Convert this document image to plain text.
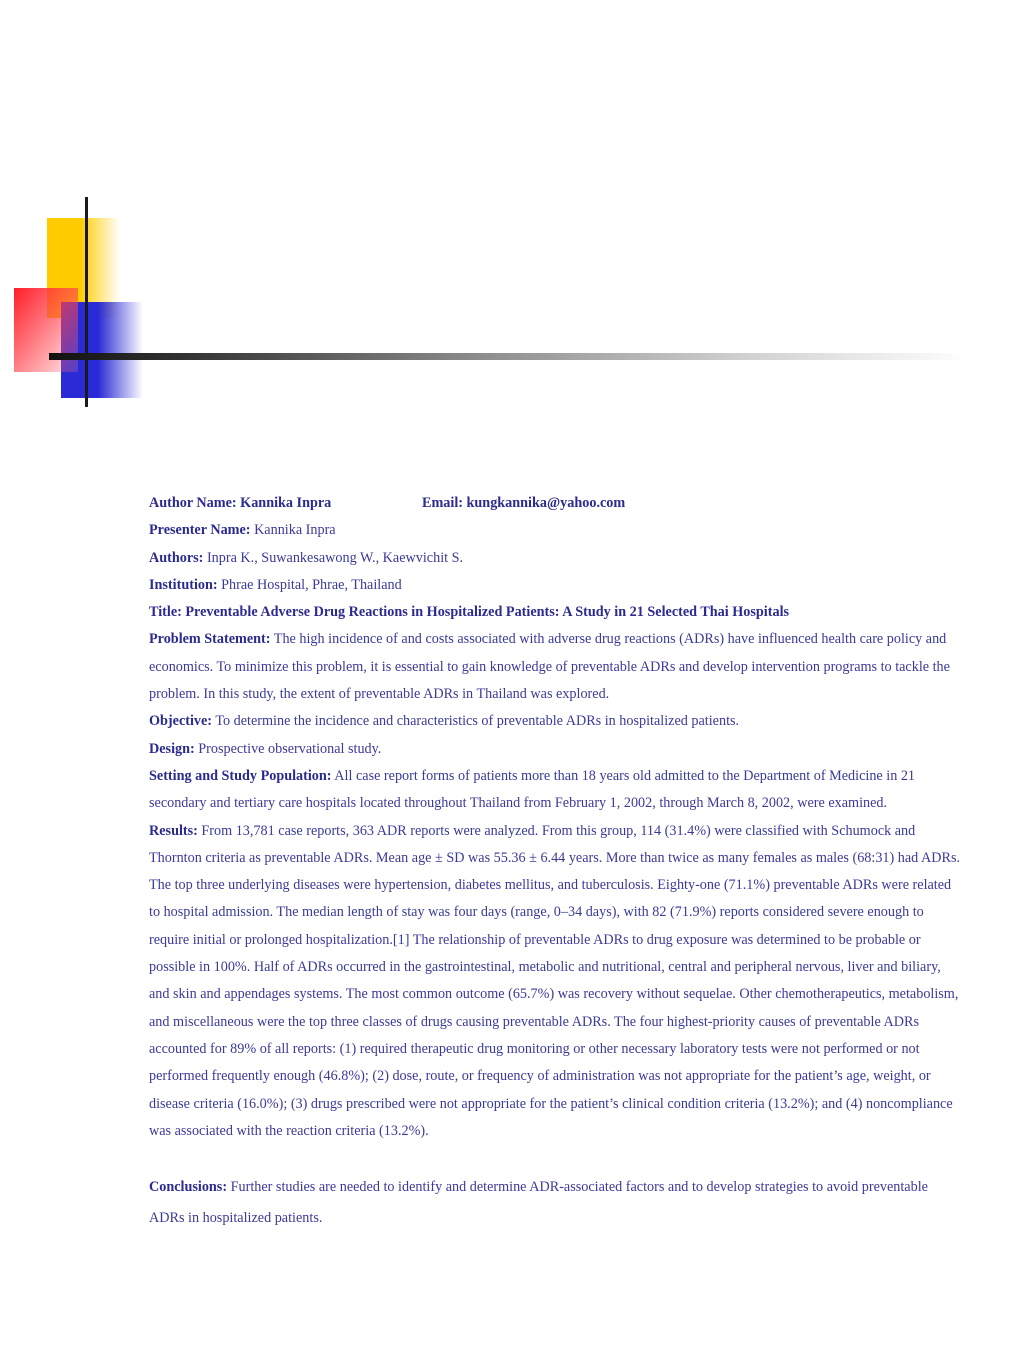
Author Name: Kannika Inpra	Email: kungkannika@yahoo.com

Presenter Name: Kannika Inpra

Authors: Inpra K., Suwankesawong W., Kaewvichit S.

Institution: Phrae Hospital, Phrae, Thailand

Title: Preventable Adverse Drug Reactions in Hospitalized Patients: A Study in 21 Selected Thai Hospitals

Problem Statement: The high incidence of and costs associated with adverse drug reactions (ADRs) have influenced health care policy and economics. To minimize this problem, it is essential to gain knowledge of preventable ADRs and develop intervention programs to tackle the problem. In this study, the extent of preventable ADRs in Thailand was explored.

Objective: To determine the incidence and characteristics of preventable ADRs in hospitalized patients.

Design: Prospective observational study.

Setting and Study Population: All case report forms of patients more than 18 years old admitted to the Department of Medicine in 21 secondary and tertiary care hospitals located throughout Thailand from February 1, 2002, through March 8, 2002, were examined.

Results: From 13,781 case reports, 363 ADR reports were analyzed. From this group, 114 (31.4%) were classified with Schumock and Thornton criteria as preventable ADRs. Mean age ± SD was 55.36 ± 6.44 years. More than twice as many females as males (68:31) had ADRs. The top three underlying diseases were hypertension, diabetes mellitus, and tuberculosis. Eighty-one (71.1%) preventable ADRs were related to hospital admission. The median length of stay was four days (range, 0–34 days), with 82 (71.9%) reports considered severe enough to require initial or prolonged hospitalization.[1] The relationship of preventable ADRs to drug exposure was determined to be probable or possible in 100%. Half of ADRs occurred in the gastrointestinal, metabolic and nutritional, central and peripheral nervous, liver and biliary, and skin and appendages systems. The most common outcome (65.7%) was recovery without sequelae. Other chemotherapeutics, metabolism, and miscellaneous were the top three classes of drugs causing preventable ADRs. The four highest-priority causes of preventable ADRs accounted for 89% of all reports: (1) required therapeutic drug monitoring or other necessary laboratory tests were not performed or not performed frequently enough (46.8%); (2) dose, route, or frequency of administration was not appropriate for the patient’s age, weight, or disease criteria (16.0%); (3) drugs prescribed were not appropriate for the patient’s clinical condition criteria (13.2%); and (4) noncompliance was associated with the reaction criteria (13.2%).

Conclusions: Further studies are needed to identify and determine ADR-associated factors and to develop strategies to avoid preventable ADRs in hospitalized patients.
